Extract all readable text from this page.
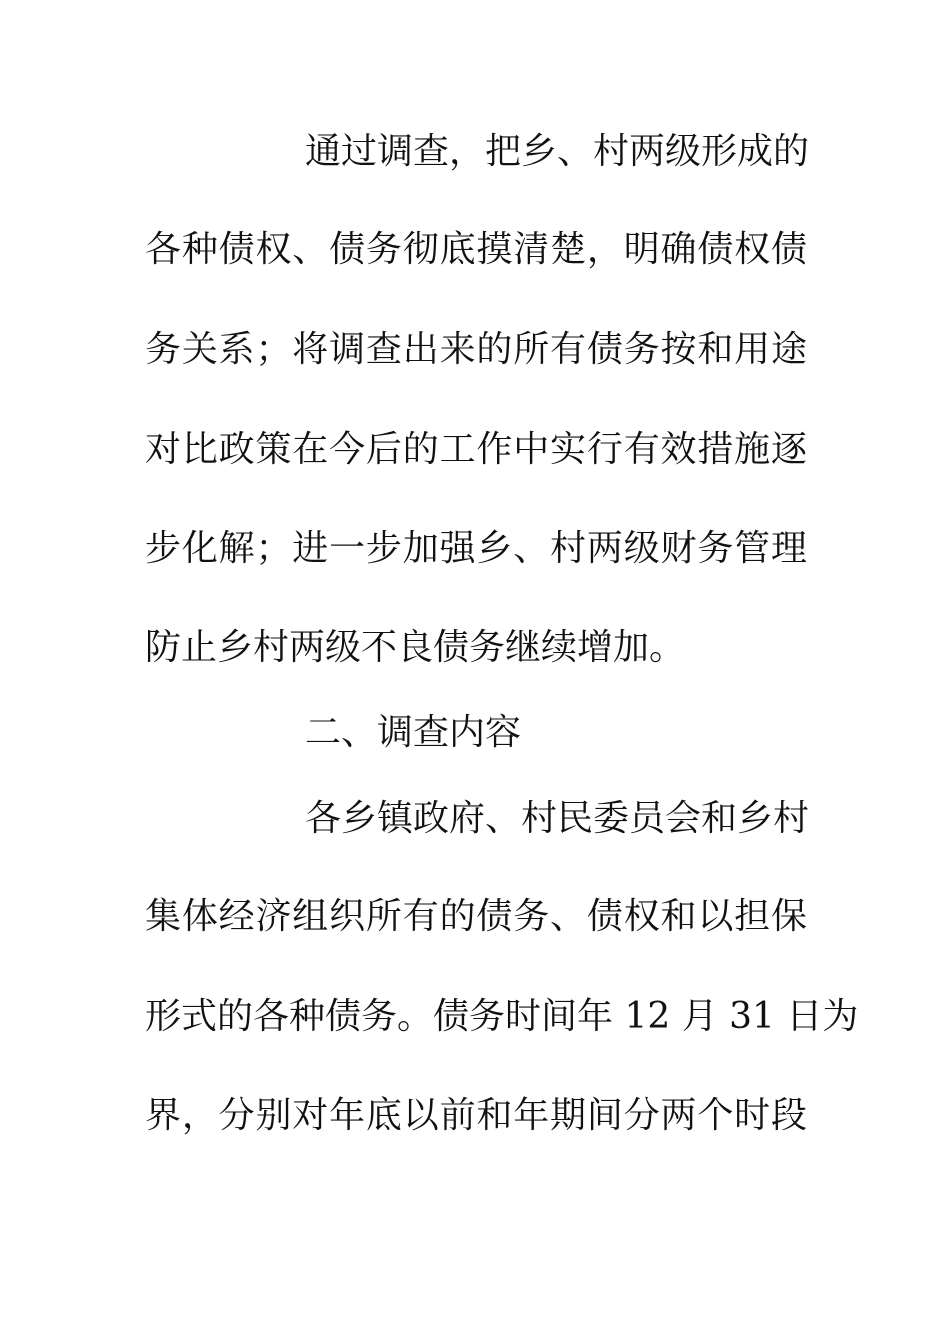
通过调查，把乡、村两级形成的
各种债权、债务彻底摸清楚，明确债权债
务关系；将调查出来的所有债务按和用途
对比政策在今后的工作中实行有效措施逐
步化解；进一步加强乡、村两级财务管理
防止乡村两级不良债务继续增加。
二、调查内容
各乡镇政府、村民委员会和乡村
集体经济组织所有的债务、债权和以担保
形式的各种债务。债务时间年 12 月 31 日为
界，分别对年底以前和年期间分两个时段
